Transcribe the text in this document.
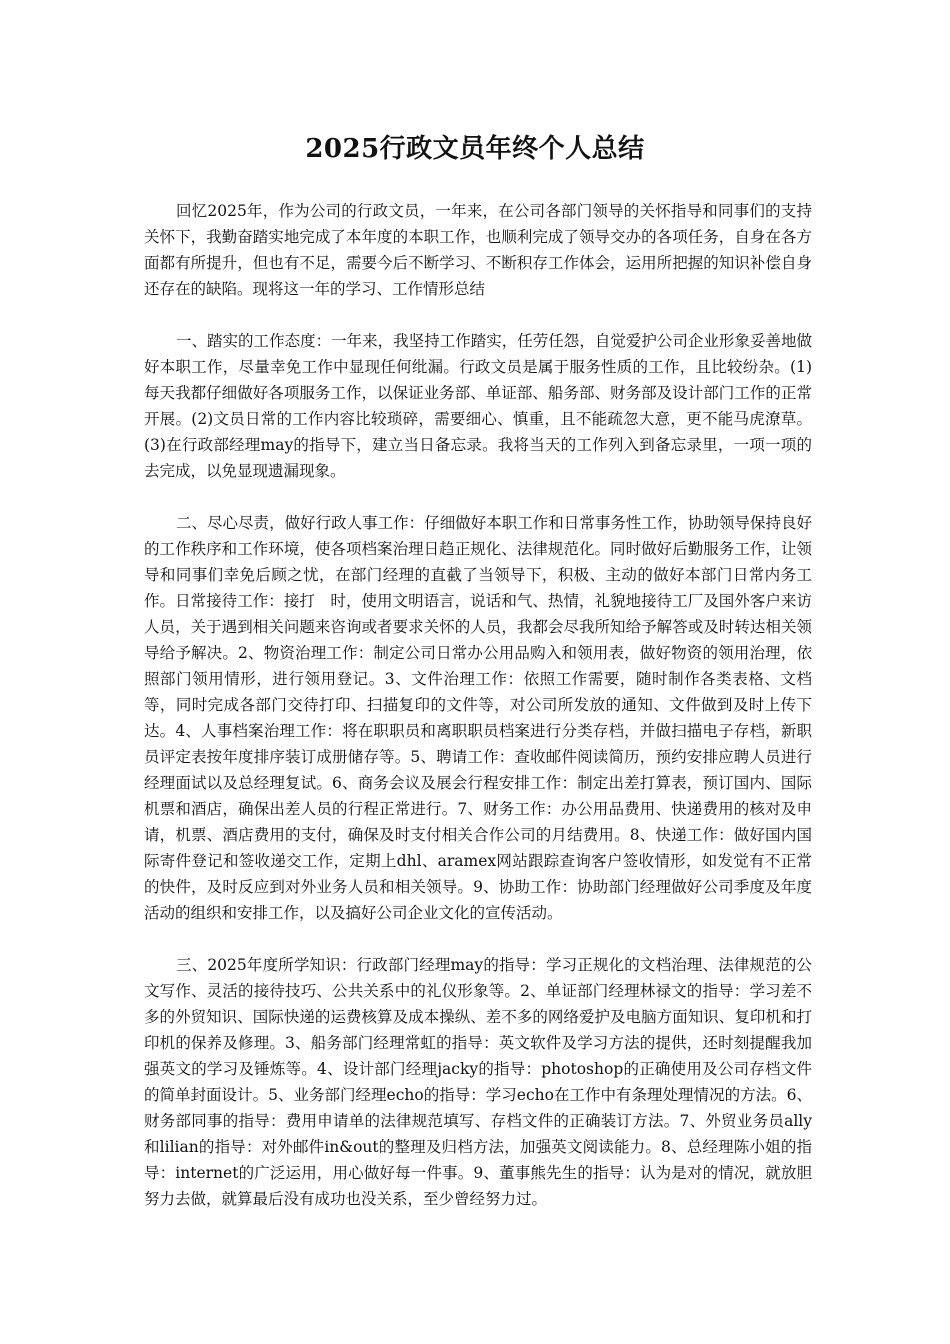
2025行政文员年终个人总结

回忆2025年，作为公司的行政文员，一年来，在公司各部门领导的关怀指导和同事们的支持关怀下，我勤奋踏实地完成了本年度的本职工作，也顺利完成了领导交办的各项任务，自身在各方面都有所提升，但也有不足，需要今后不断学习、不断积存工作体会，运用所把握的知识补偿自身还存在的缺陷。现将这一年的学习、工作情形总结

一、踏实的工作态度：一年来，我坚持工作踏实，任劳任怨，自觉爱护公司企业形象妥善地做好本职工作，尽量幸免工作中显现任何纰漏。行政文员是属于服务性质的工作，且比较纷杂。(1)每天我都仔细做好各项服务工作，以保证业务部、单证部、船务部、财务部及设计部门工作的正常开展。(2)文员日常的工作内容比较琐碎，需要细心、慎重，且不能疏忽大意，更不能马虎潦草。(3)在行政部经理may的指导下，建立当日备忘录。我将当天的工作列入到备忘录里，一项一项的去完成，以免显现遗漏现象。

二、尽心尽责，做好行政人事工作：仔细做好本职工作和日常事务性工作，协助领导保持良好的工作秩序和工作环境，使各项档案治理日趋正规化、法律规范化。同时做好后勤服务工作，让领导和同事们幸免后顾之忧，在部门经理的直截了当领导下，积极、主动的做好本部门日常内务工作。日常接待工作：接打　时，使用文明语言，说话和气、热情，礼貌地接待工厂及国外客户来访人员，关于遇到相关问题来咨询或者要求关怀的人员，我都会尽我所知给予解答或及时转达相关领导给予解决。2、物资治理工作：制定公司日常办公用品购入和领用表，做好物资的领用治理，依照部门领用情形，进行领用登记。3、文件治理工作：依照工作需要，随时制作各类表格、文档等，同时完成各部门交待打印、扫描复印的文件等，对公司所发放的通知、文件做到及时上传下达。4、人事档案治理工作：将在职职员和离职职员档案进行分类存档，并做扫描电子存档，新职员评定表按年度排序装订成册储存等。5、聘请工作：查收邮件阅读简历，预约安排应聘人员进行经理面试以及总经理复试。6、商务会议及展会行程安排工作：制定出差打算表，预订国内、国际机票和酒店，确保出差人员的行程正常进行。7、财务工作：办公用品费用、快递费用的核对及申请，机票、酒店费用的支付，确保及时支付相关合作公司的月结费用。8、快递工作：做好国内国际寄件登记和签收递交工作，定期上dhl、aramex网站跟踪查询客户签收情形，如发觉有不正常的快件，及时反应到对外业务人员和相关领导。9、协助工作：协助部门经理做好公司季度及年度活动的组织和安排工作，以及搞好公司企业文化的宣传活动。

三、2025年度所学知识：行政部门经理may的指导：学习正规化的文档治理、法律规范的公文写作、灵活的接待技巧、公共关系中的礼仪形象等。2、单证部门经理林禄文的指导：学习差不多的外贸知识、国际快递的运费核算及成本操纵、差不多的网络爱护及电脑方面知识、复印机和打印机的保养及修理。3、船务部门经理常虹的指导：英文软件及学习方法的提供，还时刻提醒我加强英文的学习及锤炼等。4、设计部门经理jacky的指导：photoshop的正确使用及公司存档文件的简单封面设计。5、业务部门经理echo的指导：学习echo在工作中有条理处理情况的方法。6、财务部同事的指导：费用申请单的法律规范填写、存档文件的正确装订方法。7、外贸业务员ally和lilian的指导：对外邮件in&out的整理及归档方法，加强英文阅读能力。8、总经理陈小姐的指导：internet的广泛运用，用心做好每一件事。9、董事熊先生的指导：认为是对的情况，就放胆努力去做，就算最后没有成功也没关系，至少曾经努力过。
